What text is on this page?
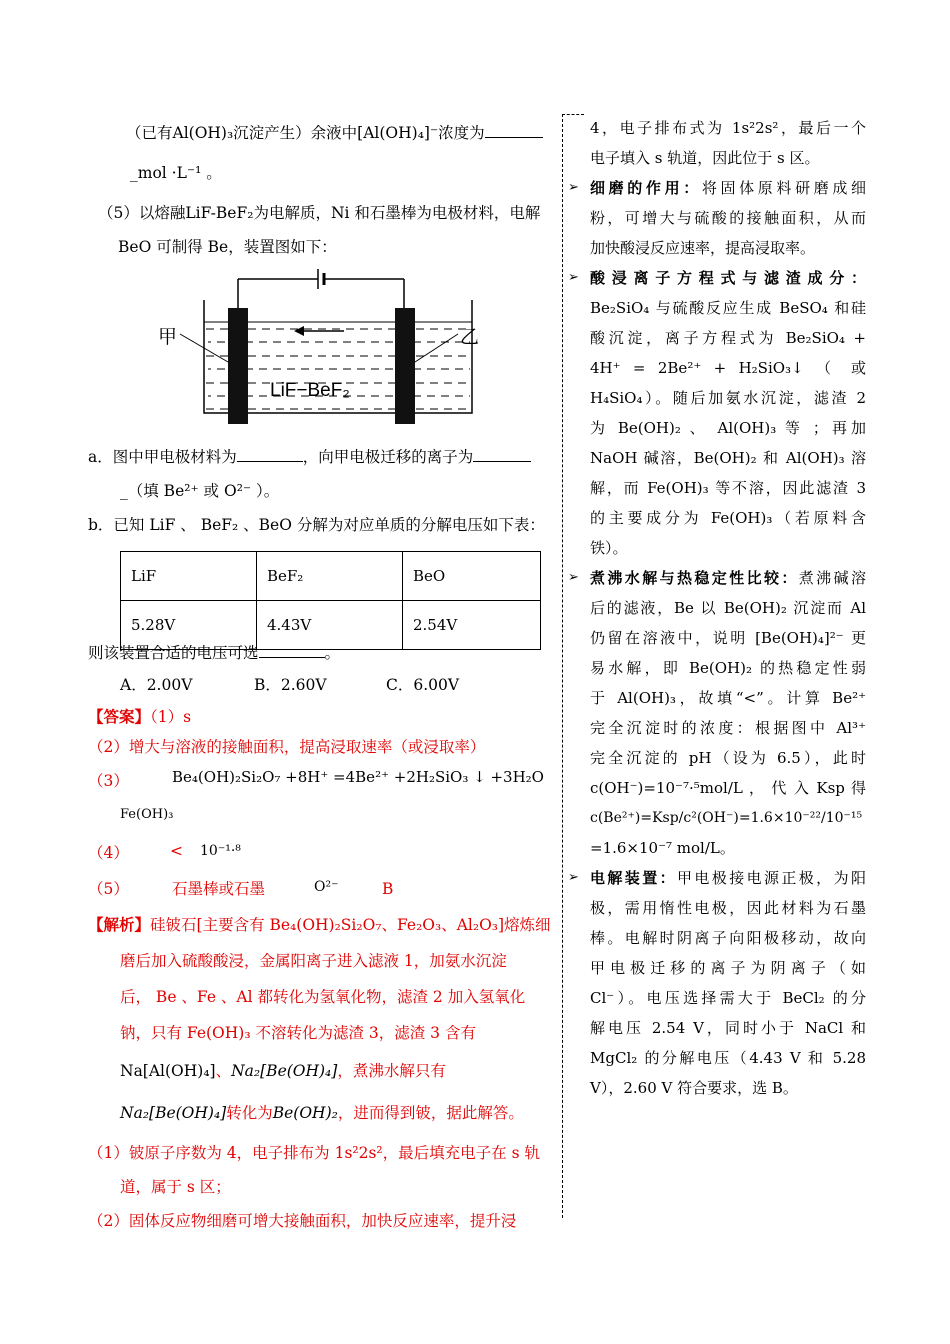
（已有Al(OH)₃沉淀产生）余液中[Al(OH)₄]⁻浓度为
_mol ·L⁻¹ 。
（5）以熔融LiF-BeF₂为电解质，Ni 和石墨棒为电极材料，电解
BeO 可制得 Be，装置图如下：
甲	乙
LiF−BeF₂
a．图中甲电极材料为	，向甲电极迁移的离子为
_（填 Be²⁺ 或 O²⁻ ）。
b．已知 LiF 、 BeF₂ 、BeO 分解为对应单质的分解电压如下表：
LiF	BeF₂	BeO
5.28V	4.43V	2.54V
则该装置合适的电压可选	。
A．2.00V	B．2.60V	C．6.00V
【答案】（1）s
（2）增大与溶液的接触面积，提高浸取速率（或浸取率）
（3）	Be₄(OH)₂Si₂O₇ +8H⁺ =4Be²⁺ +2H₂SiO₃ ↓ +3H₂O
Fe(OH)₃
（4）	< 10⁻¹·⁸
（5）	石墨棒或石墨	O²⁻	B
【解析】硅铍石[主要含有 Be₄(OH)₂Si₂O₇、Fe₂O₃、Al₂O₃]熔炼细
磨后加入硫酸酸浸，金属阳离子进入滤液 1，加氨水沉淀
后， Be 、Fe 、Al 都转化为氢氧化物，滤渣 2 加入氢氧化
钠，只有 Fe(OH)₃ 不溶转化为滤渣 3，滤渣 3 含有
Na[Al(OH)₄]、Na₂[Be(OH)₄]，煮沸水解只有
Na₂[Be(OH)₄]转化为Be(OH)₂，进而得到铍，据此解答。
（1）铍原子序数为 4，电子排布为 1s²2s²，最后填充电子在 s 轨
道，属于 s 区；
（2）固体反应物细磨可增大接触面积，加快反应速率，提升浸
4，电子排布式为 1s²2s²，最后一个
电子填入 s 轨道，因此位于 s 区。
➢ 细磨的作用：将固体原料研磨成细
粉，可增大与硫酸的接触面积，从而
加快酸浸反应速率，提高浸取率。
➢ 酸浸离子方程式与滤渣成分：
Be₂SiO₄ 与硫酸反应生成 BeSO₄ 和硅
酸沉淀，离子方程式为 Be₂SiO₄ +
4H⁺ = 2Be²⁺ + H₂SiO₃↓ （ 或
H₄SiO₄）。随后加氨水沉淀，滤渣 2
为 Be(OH)₂ 、 Al(OH)₃ 等 ；再加
NaOH 碱溶，Be(OH)₂ 和 Al(OH)₃ 溶
解，而 Fe(OH)₃ 等不溶，因此滤渣 3
的主要成分为 Fe(OH)₃（若原料含
铁）。
➢ 煮沸水解与热稳定性比较：煮沸碱溶
后的滤液，Be 以 Be(OH)₂ 沉淀而 Al
仍留在溶液中，说明 [Be(OH)₄]²⁻ 更
易水解，即 Be(OH)₂ 的热稳定性弱
于 Al(OH)₃，故填“<”。计算 Be²⁺
完全沉淀时的浓度：根据图中 Al³⁺
完全沉淀的 pH（设为 6.5），此时
c(OH⁻)=10⁻⁷·⁵mol/L ， 代 入 Ksp 得
c(Be²⁺)=Ksp/c²(OH⁻)=1.6×10⁻²²/10⁻¹⁵
=1.6×10⁻⁷ mol/L。
➢ 电解装置：甲电极接电源正极，为阳
极，需用惰性电极，因此材料为石墨
棒。电解时阴离子向阳极移动，故向
甲电极迁移的离子为阴离子（如
Cl⁻）。电压选择需大于 BeCl₂ 的分
解电压 2.54 V，同时小于 NaCl 和
MgCl₂ 的分解电压（4.43 V 和 5.28
V），2.60 V 符合要求，选 B。
